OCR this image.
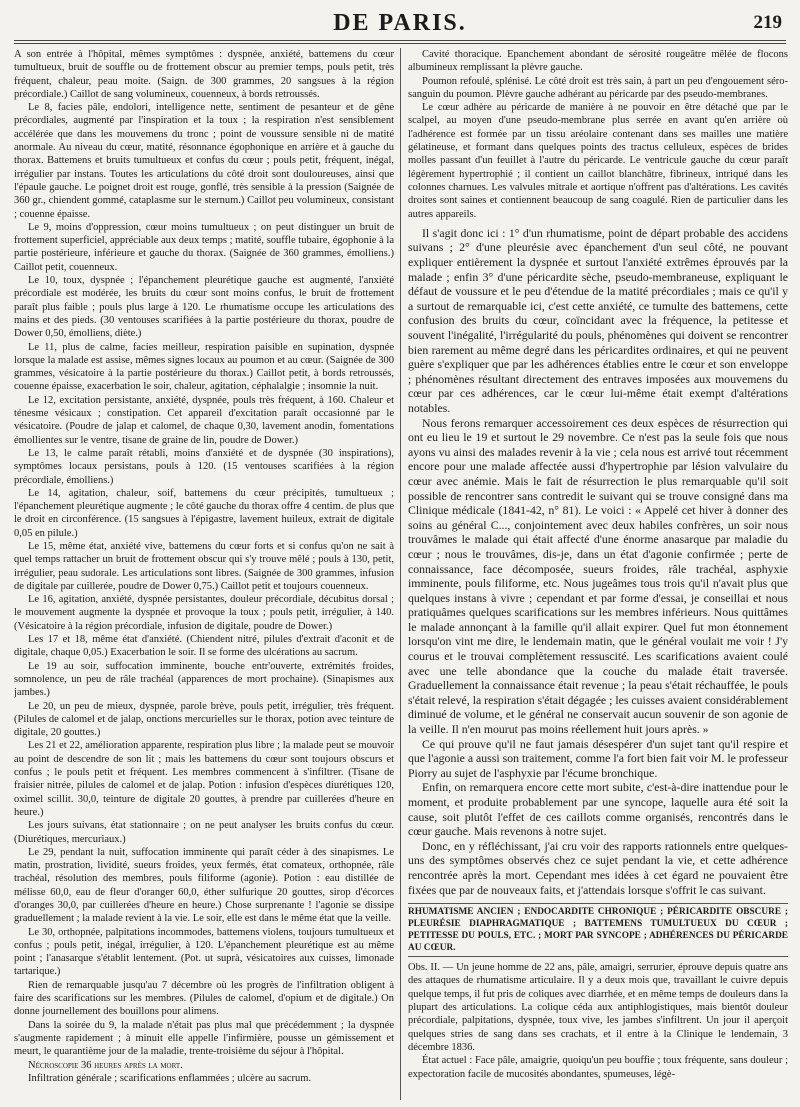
DE PARIS.	219

A son entrée à l'hôpital, mêmes symptômes : dyspnée, anxiété, battemens du cœur tumultueux, bruit de souffle ou de frottement obscur au premier temps, pouls petit, très fréquent, chaleur, peau moite. (Saign. de 300 grammes, 20 sangsues à la région précordiale.) Caillot de sang volumineux, couenneux, à bords retroussés.

Le 8, facies pâle, endolori, intelligence nette, sentiment de pesanteur et de gêne précordiales, augmenté par l'inspiration et la toux ; la respiration n'est sensiblement accélérée que dans les mouvemens du tronc ; point de voussure sensible ni de matité anormale. Au niveau du cœur, matité, résonnance égophonique en arrière et à gauche du thorax. Battemens et bruits tumultueux et confus du cœur ; pouls petit, fréquent, inégal, irrégulier par instans. Toutes les articulations du côté droit sont douloureuses, ainsi que l'épaule gauche. Le poignet droit est rouge, gonflé, très sensible à la pression (Saignée de 360 gr., chiendent gommé, cataplasme sur le sternum.) Caillot peu volumineux, consistant ; couenne épaisse.

Le 9, moins d'oppression, cœur moins tumultueux ; on peut distinguer un bruit de frottement superficiel, appréciable aux deux temps ; matité, souffle tubaire, égophonie à la partie postérieure, inférieure et gauche du thorax. (Saignée de 360 grammes, émolliens.) Caillot petit, couenneux.

Le 10, toux, dyspnée ; l'épanchement pleurétique gauche est augmenté, l'anxiété précordiale est modérée, les bruits du cœur sont moins confus, le bruit de frottement paraît plus faible ; pouls plus large à 120. Le rhumatisme occupe les articulations des mains et des pieds. (30 ventouses scarifiées à la partie postérieure du thorax, poudre de Dower 0,50, émolliens, diète.)

Le 11, plus de calme, facies meilleur, respiration paisible en supination, dyspnée lorsque la malade est assise, mêmes signes locaux au poumon et au cœur. (Saignée de 300 grammes, vésicatoire à la partie postérieure du thorax.) Caillot petit, à bords retroussés, couenne épaisse, exacerbation le soir, chaleur, agitation, céphalalgie ; insomnie la nuit.

Le 12, excitation persistante, anxiété, dyspnée, pouls très fréquent, à 160. Chaleur et ténesme vésicaux ; constipation. Cet appareil d'excitation paraît occasionné par le vésicatoire. (Poudre de jalap et calomel, de chaque 0,30, lavement anodin, fomentations émollientes sur le ventre, tisane de graine de lin, poudre de Dower.)

Le 13, le calme paraît rétabli, moins d'anxiété et de dyspnée (30 inspirations), symptômes locaux persistans, pouls à 120. (15 ventouses scarifiées à la région précordiale, émolliens.)

Le 14, agitation, chaleur, soif, battemens du cœur précipités, tumultueux ; l'épanchement pleurétique augmente ; le côté gauche du thorax offre 4 centim. de plus que le droit en circonférence. (15 sangsues à l'épigastre, lavement huileux, extrait de digitale 0,05 en pilule.)

Le 15, même état, anxiété vive, battemens du cœur forts et si confus qu'on ne sait à quel temps rattacher un bruit de frottement obscur qui s'y trouve mêlé ; pouls à 130, petit, irrégulier, peau sudorale. Les articulations sont libres. (Saignée de 300 grammes, infusion de digitale par cuillerée, poudre de Dower 0,75.) Caillot petit et toujours couenneux.

Le 16, agitation, anxiété, dyspnée persistantes, douleur précordiale, décubitus dorsal ; le mouvement augmente la dyspnée et provoque la toux ; pouls petit, irrégulier, à 140. (Vésicatoire à la région précordiale, infusion de digitale, poudre de Dower.)

Les 17 et 18, même état d'anxiété. (Chiendent nitré, pilules d'extrait d'aconit et de digitale, chaque 0,05.) Exacerbation le soir. Il se forme des ulcérations au sacrum.

Le 19 au soir, suffocation imminente, bouche entr'ouverte, extrémités froides, somnolence, un peu de râle trachéal (apparences de mort prochaine). (Sinapismes aux jambes.)

Le 20, un peu de mieux, dyspnée, parole brève, pouls petit, irrégulier, très fréquent. (Pilules de calomel et de jalap, onctions mercurielles sur le thorax, potion avec teinture de digitale, 20 gouttes.)

Les 21 et 22, amélioration apparente, respiration plus libre ; la malade peut se mouvoir au point de descendre de son lit ; mais les battemens du cœur sont toujours obscurs et confus ; le pouls petit et fréquent. Les membres commencent à s'infiltrer. (Tisane de fraisier nitrée, pilules de calomel et de jalap. Potion : infusion d'espèces diurétiques 120, oximel scillit. 30,0, teinture de digitale 20 gouttes, à prendre par cuillerées d'heure en heure.)

Les jours suivans, état stationnaire ; on ne peut analyser les bruits confus du cœur. (Diurétiques, mercuriaux.)

Le 29, pendant la nuit, suffocation imminente qui paraît céder à des sinapismes. Le matin, prostration, lividité, sueurs froides, yeux fermés, état comateux, orthopnée, râle trachéal, résolution des membres, pouls filiforme (agonie). Potion : eau distillée de mélisse 60,0, eau de fleur d'oranger 60,0, éther sulfurique 20 gouttes, sirop d'écorces d'oranges 30,0, par cuillerées d'heure en heure.) Chose surprenante ! l'agonie se dissipe graduellement ; la malade revient à la vie. Le soir, elle est dans le même état que la veille.

Le 30, orthopnée, palpitations incommodes, battemens violens, toujours tumultueux et confus ; pouls petit, inégal, irrégulier, à 120. L'épanchement pleurétique est au même point ; l'anasarque s'établit lentement. (Pot. ut suprà, vésicatoires aux cuisses, limonade tartarique.)

Rien de remarquable jusqu'au 7 décembre où les progrès de l'infiltration obligent à faire des scarifications sur les membres. (Pilules de calomel, d'opium et de digitale.) On donne journellement des bouillons pour alimens.

Dans la soirée du 9, la malade n'était pas plus mal que précédemment ; la dyspnée s'augmente rapidement ; à minuit elle appelle l'infirmière, pousse un gémissement et meurt, le quarantième jour de la maladie, trente-troisième du séjour à l'hôpital.

Nécroscopie 36 heures après la mort.

Infiltration générale ; scarifications enflammées ; ulcère au sacrum.

Cavité thoracique. Epanchement abondant de sérosité rougeâtre mêlée de flocons albumineux remplissant la plèvre gauche.

Poumon refoulé, splénisé. Le côté droit est très sain, à part un peu d'engouement séro-sanguin du poumon. Plèvre gauche adhérant au péricarde par des pseudo-membranes.

Le cœur adhère au péricarde de manière à ne pouvoir en être détaché que par le scalpel, au moyen d'une pseudo-membrane plus serrée en avant qu'en arrière où l'adhérence est formée par un tissu aréolaire contenant dans ses mailles une matière gélatineuse, et formant dans quelques points des tractus celluleux, espèces de brides molles passant d'un feuillet à l'autre du péricarde. Le ventricule gauche du cœur paraît légèrement hypertrophié ; il contient un caillot blanchâtre, fibrineux, intriqué dans les colonnes charnues. Les valvules mitrale et aortique n'offrent pas d'altérations. Les cavités droites sont saines et contiennent beaucoup de sang coagulé. Rien de particulier dans les autres appareils.

Il s'agit donc ici : 1° d'un rhumatisme, point de départ probable des accidens suivans ; 2° d'une pleurésie avec épanchement d'un seul côté, ne pouvant expliquer entièrement la dyspnée et surtout l'anxiété extrêmes éprouvés par la malade ; enfin 3° d'une péricardite sèche, pseudo-membraneuse, expliquant le défaut de voussure et le peu d'étendue de la matité précordiales ; mais ce qu'il y a surtout de remarquable ici, c'est cette anxiété, ce tumulte des battemens, cette confusion des bruits du cœur, coïncidant avec la fréquence, la petitesse et souvent l'inégalité, l'irrégularité du pouls, phénomènes qui doivent se rencontrer bien rarement au même degré dans les péricardites ordinaires, et qui ne peuvent guère s'expliquer que par les adhérences établies entre le cœur et son enveloppe ; phénomènes résultant directement des entraves imposées aux mouvemens du cœur par ces adhérences, car le cœur lui-même était exempt d'altérations notables.

Nous ferons remarquer accessoirement ces deux espèces de résurrection qui ont eu lieu le 19 et surtout le 29 novembre. Ce n'est pas la seule fois que nous ayons vu ainsi des malades revenir à la vie ; cela nous est arrivé tout récemment encore pour une malade affectée aussi d'hypertrophie par lésion valvulaire du cœur avec anémie. Mais le fait de résurrection le plus remarquable qu'il soit possible de rencontrer sans contredit le suivant qui se trouve consigné dans ma Clinique médicale (1841-42, n° 81). Le voici : « Appelé cet hiver à donner des soins au général C..., conjointement avec deux habiles confrères, un soir nous trouvâmes le malade qui était affecté d'une énorme anasarque par maladie du cœur ; nous le trouvâmes, dis-je, dans un état d'agonie confirmée ; perte de connaissance, face décomposée, sueurs froides, râle trachéal, asphyxie imminente, pouls filiforme, etc. Nous jugeâmes tous trois qu'il n'avait plus que quelques instans à vivre ; cependant et par forme d'essai, je conseillai et nous pratiquâmes quelques scarifications sur les membres inférieurs. Nous quittâmes le malade annonçant à la famille qu'il allait expirer. Quel fut mon étonnement lorsqu'on vint me dire, le lendemain matin, que le général voulait me voir ! J'y courus et le trouvai complètement ressuscité. Les scarifications avaient coulé avec une telle abondance que la couche du malade était traversée. Graduellement la connaissance était revenue ; la peau s'était réchauffée, le pouls s'était relevé, la respiration s'était dégagée ; les cuisses avaient considérablement diminué de volume, et le général ne conservait aucun souvenir de son agonie de la veille. Il n'en mourut pas moins réellement huit jours après. »

Ce qui prouve qu'il ne faut jamais désespérer d'un sujet tant qu'il respire et que l'agonie a aussi son traitement, comme l'a fort bien fait voir M. le professeur Piorry au sujet de l'asphyxie par l'écume bronchique.

Enfin, on remarquera encore cette mort subite, c'est-à-dire inattendue pour le moment, et produite probablement par une syncope, laquelle aura été soit la cause, soit plutôt l'effet de ces caillots comme organisés, rencontrés dans le cœur gauche. Mais revenons à notre sujet.

Donc, en y réfléchissant, j'ai cru voir des rapports rationnels entre quelques-uns des symptômes observés chez ce sujet pendant la vie, et cette adhérence rencontrée après la mort. Cependant mes idées à cet égard ne pouvaient être fixées que par de nouveaux faits, et j'attendais lorsque s'offrit le cas suivant.

RHUMATISME ANCIEN ; ENDOCARDITE CHRONIQUE ; PÉRICARDITE OBSCURE ; PLEURÉSIE DIAPHRAGMATIQUE ; BATTEMENS TUMULTUEUX DU CŒUR ; PETITESSE DU POULS, ETC. ; MORT PAR SYNCOPE ; ADHÉRENCES DU PÉRICARDE AU CŒUR.

Obs. II. — Un jeune homme de 22 ans, pâle, amaigri, serrurier, éprouve depuis quatre ans des attaques de rhumatisme articulaire. Il y a deux mois que, travaillant le cuivre depuis quelque temps, il fut pris de coliques avec diarrhée, et en même temps de douleurs dans la plupart des articulations. La colique céda aux antiphlogistiques, mais bientôt douleur précordiale, palpitations, dyspnée, toux vive, les jambes s'infiltrent. Un jour il aperçoit quelques stries de sang dans ses crachats, et il entre à la Clinique le lendemain, 3 décembre 1836.

État actuel : Face pâle, amaigrie, quoiqu'un peu bouffie ; toux fréquente, sans douleur ; expectoration facile de mucosités abondantes, spumeuses, légè-
